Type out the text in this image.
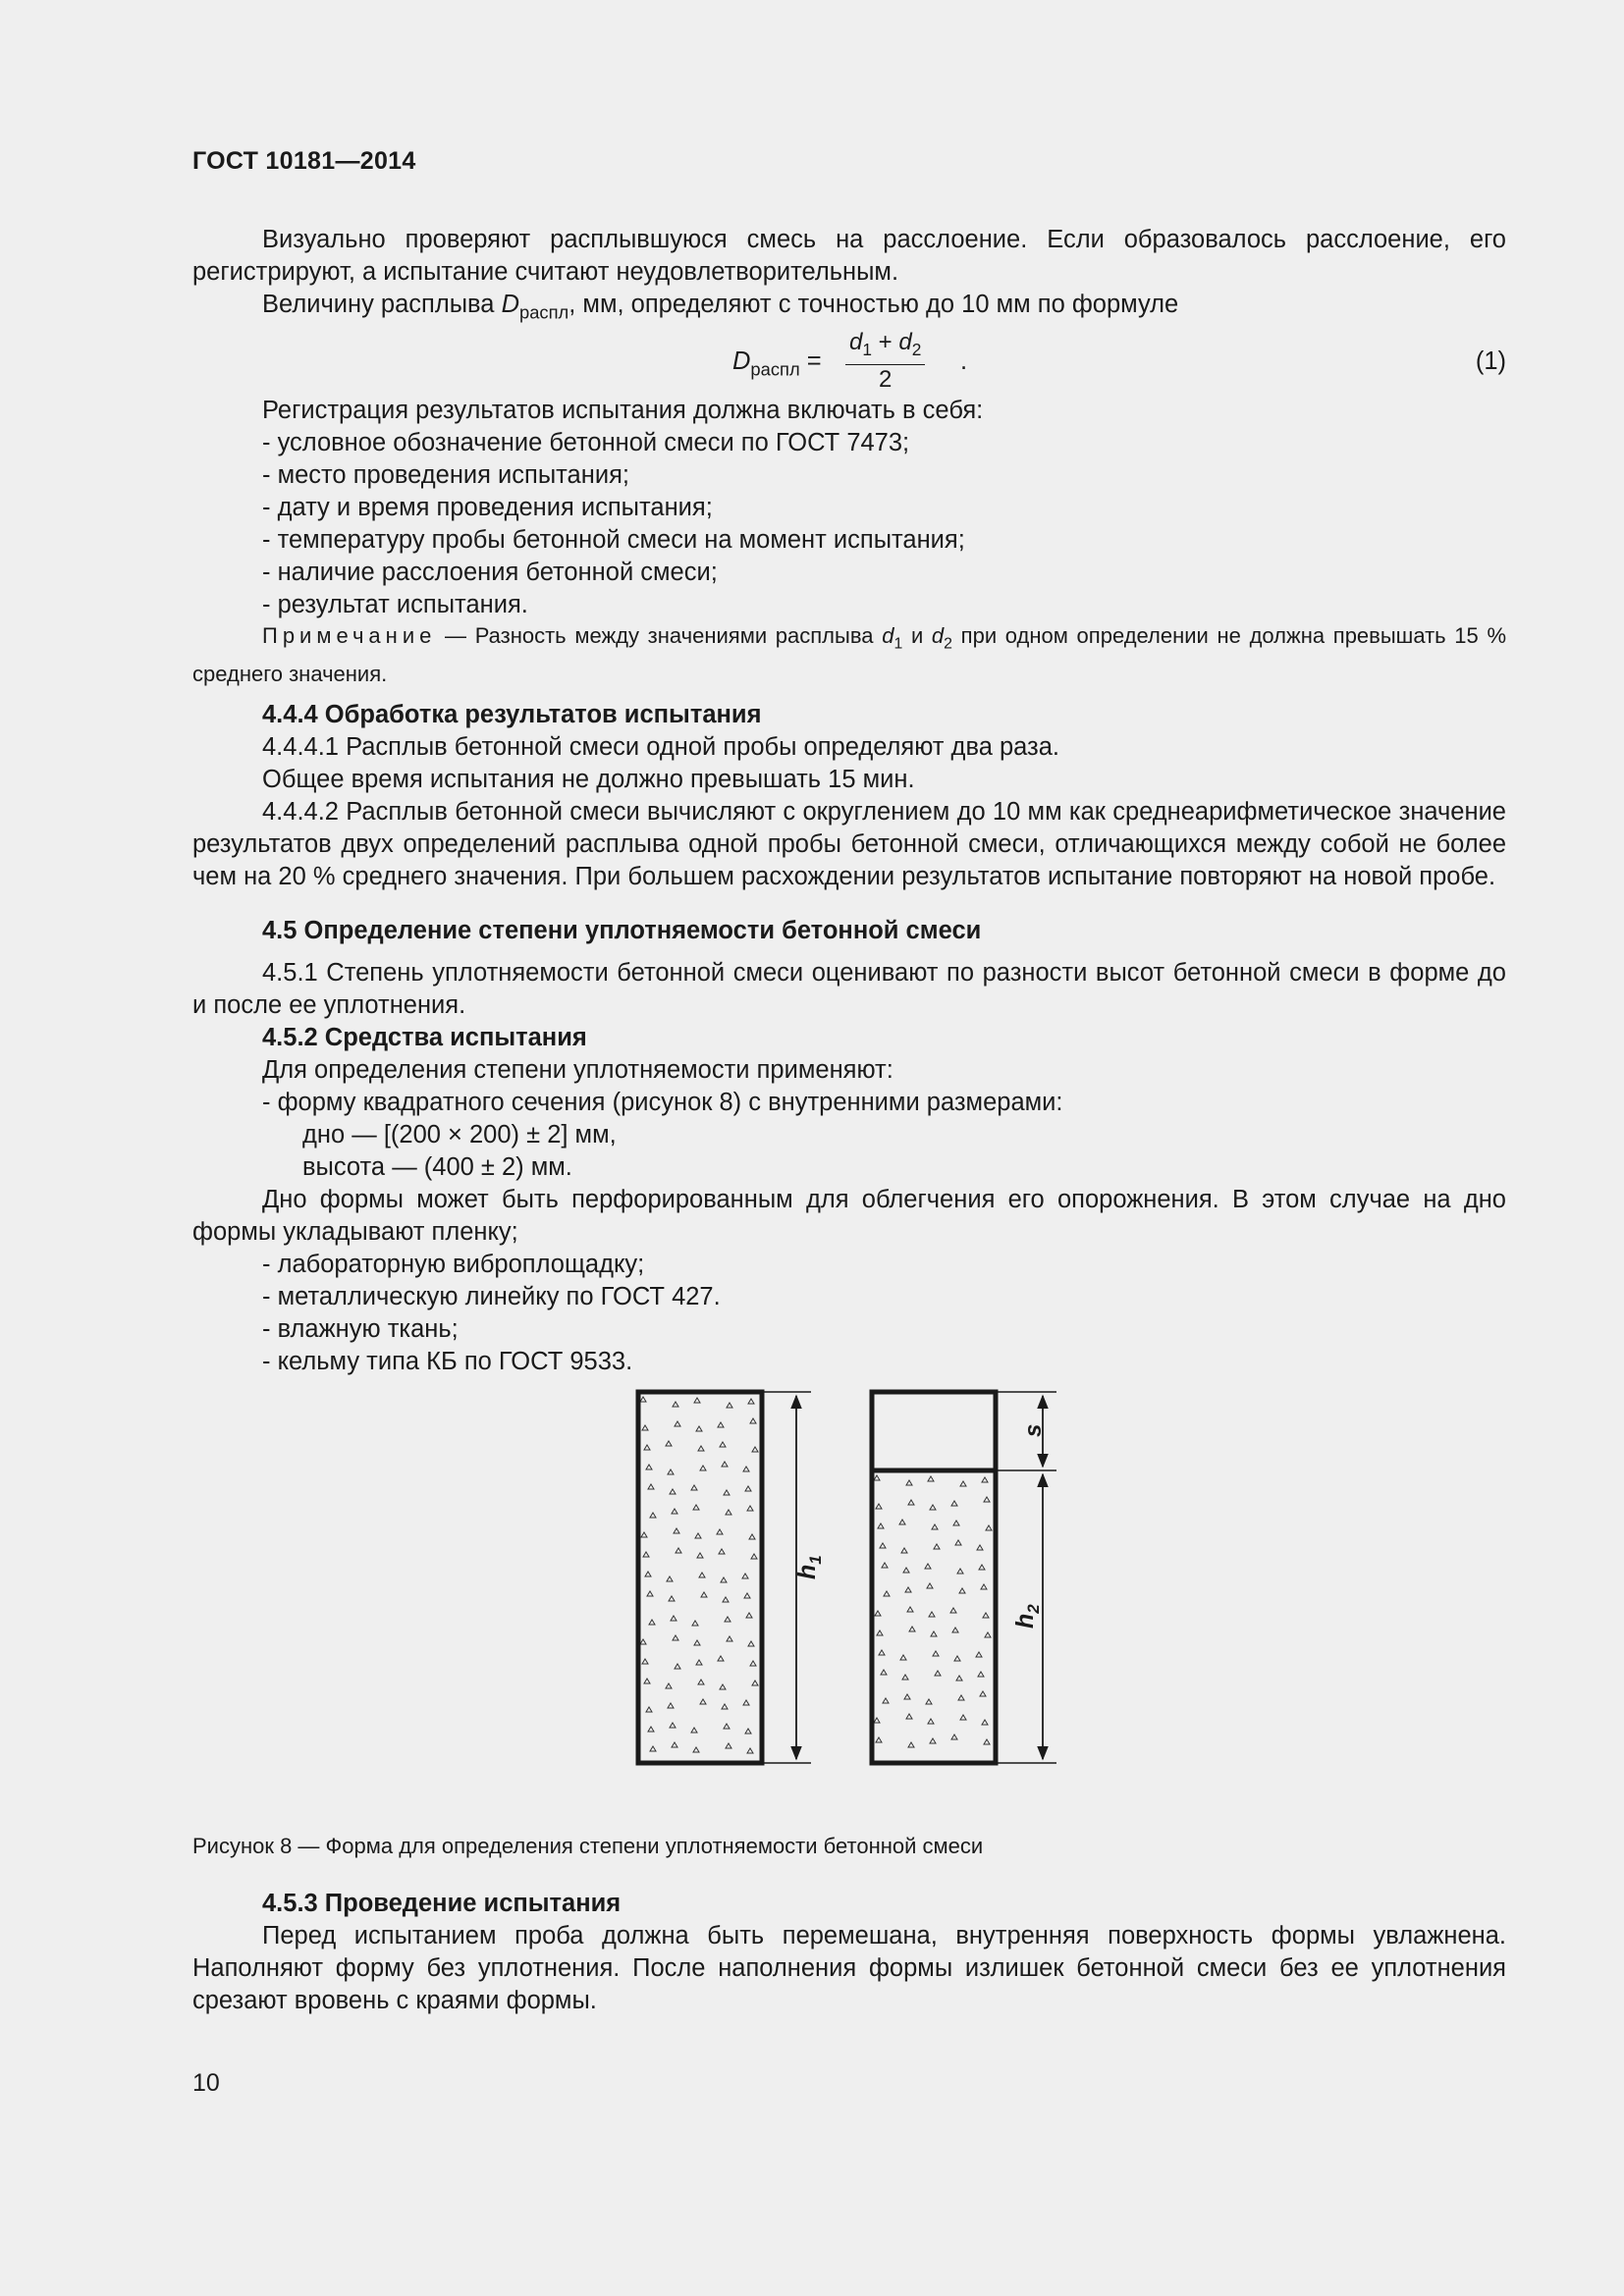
ГОСТ 10181—2014

Визуально проверяют расплывшуюся смесь на расслоение. Если образовалось расслоение, его регистрируют, а испытание считают неудовлетворительным.

Величину расплыва $D_{распл}$, мм, определяют с точностью до 10 мм по формуле

$D_{распл} = \frac{d_1 + d_2}{2}$ .	(1)

Регистрация результатов испытания должна включать в себя:

- условное обозначение бетонной смеси по ГОСТ 7473;

- место проведения испытания;

- дату и время проведения испытания;

- температуру пробы бетонной смеси на момент испытания;

- наличие расслоения бетонной смеси;

- результат испытания.

Примечание — Разность между значениями расплыва $d_1$ и $d_2$ при одном определении не должна превышать 15 % среднего значения.

4.4.4 Обработка результатов испытания

4.4.4.1 Расплыв бетонной смеси одной пробы определяют два раза.

Общее время испытания не должно превышать 15 мин.

4.4.4.2 Расплыв бетонной смеси вычисляют с округлением до 10 мм как среднеарифметическое значение результатов двух определений расплыва одной пробы бетонной смеси, отличающихся между собой не более чем на 20 % среднего значения. При большем расхождении результатов испытание повторяют на новой пробе.

4.5 Определение степени уплотняемости бетонной смеси

4.5.1 Степень уплотняемости бетонной смеси оценивают по разности высот бетонной смеси в форме до и после ее уплотнения.

4.5.2 Средства испытания

Для определения степени уплотняемости применяют:

- форму квадратного сечения (рисунок 8) с внутренними размерами:

дно — [(200 × 200) ± 2] мм,

высота — (400 ± 2) мм.

Дно формы может быть перфорированным для облегчения его опорожнения. В этом случае на дно формы укладывают пленку;

- лабораторную виброплощадку;

- металлическую линейку по ГОСТ 427.

- влажную ткань;

- кельму типа КБ по ГОСТ 9533.

$h_1$
s
$h_2$

Рисунок 8 — Форма для определения степени уплотняемости бетонной смеси

4.5.3 Проведение испытания

Перед испытанием проба должна быть перемешана, внутренняя поверхность формы увлажнена. Наполняют форму без уплотнения. После наполнения формы излишек бетонной смеси без ее уплотнения срезают вровень с краями формы.

10
